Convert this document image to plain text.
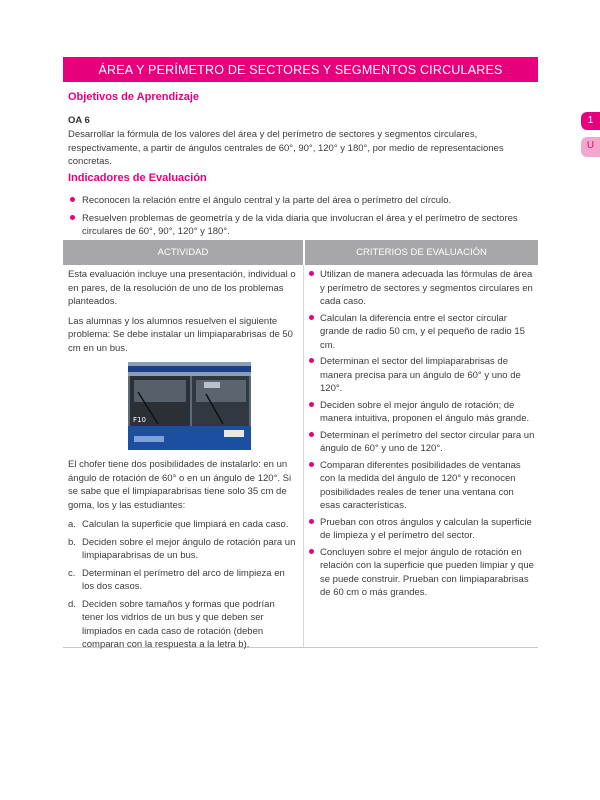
ÁREA Y PERÍMETRO DE SECTORES Y SEGMENTOS CIRCULARES
1
U
Objetivos de Aprendizaje
OA 6
Desarrollar la fórmula de los valores del área y del perímetro de sectores y segmentos circulares, respectivamente, a partir de ángulos centrales de 60°, 90°, 120° y 180°, por medio de representaciones concretas.
Indicadores de Evaluación
Reconocen la relación entre el ángulo central y la parte del área o perímetro del círculo.
Resuelven problemas de geometría y de la vida diaria que involucran el área y el perímetro de sectores circulares de 60°, 90°, 120° y 180°.
ACTIVIDAD	CRITERIOS DE EVALUACIÓN

Esta evaluación incluye una presentación, individual o en pares, de la resolución de uno de los problemas planteados.

Las alumnas y los alumnos resuelven el siguiente problema: Se debe instalar un limpiaparabrisas de 50 cm en un bus.

F10

El chofer tiene dos posibilidades de instalarlo: en un ángulo de rotación de 60° o en un ángulo de 120°. Si se sabe que el limpiaparabrisas tiene solo 35 cm de goma, los y las estudiantes:

a. Calculan la superficie que limpiará en cada caso.
b. Deciden sobre el mejor ángulo de rotación para un limpiaparabrisas de un bus.
c. Determinan el perímetro del arco de limpieza en los dos casos.
d. Deciden sobre tamaños y formas que podrían tener los vidrios de un bus y que deben ser limpiados en cada caso de rotación (deben comparan con la respuesta a la letra b).
Utilizan de manera adecuada las fórmulas de área y perímetro de sectores y segmentos circulares en cada caso.
Calculan la diferencia entre el sector circular grande de radio 50 cm, y el pequeño de radio 15 cm.
Determinan el sector del limpiaparabrisas de manera precisa para un ángulo de 60° y uno de 120°.
Deciden sobre el mejor ángulo de rotación; de manera intuitiva, proponen el ángulo más grande.
Determinan el perímetro del sector circular para un ángulo de 60° y uno de 120°.
Comparan diferentes posibilidades de ventanas con la medida del ángulo de 120° y reconocen posibilidades reales de tener una ventana con esas características.
Prueban con otros ángulos y calculan la superficie de limpieza y el perímetro del sector.
Concluyen sobre el mejor ángulo de rotación en relación con la superficie que pueden limpiar y que se puede construir. Prueban con limpiaparabrisas de 60 cm o más grandes.
